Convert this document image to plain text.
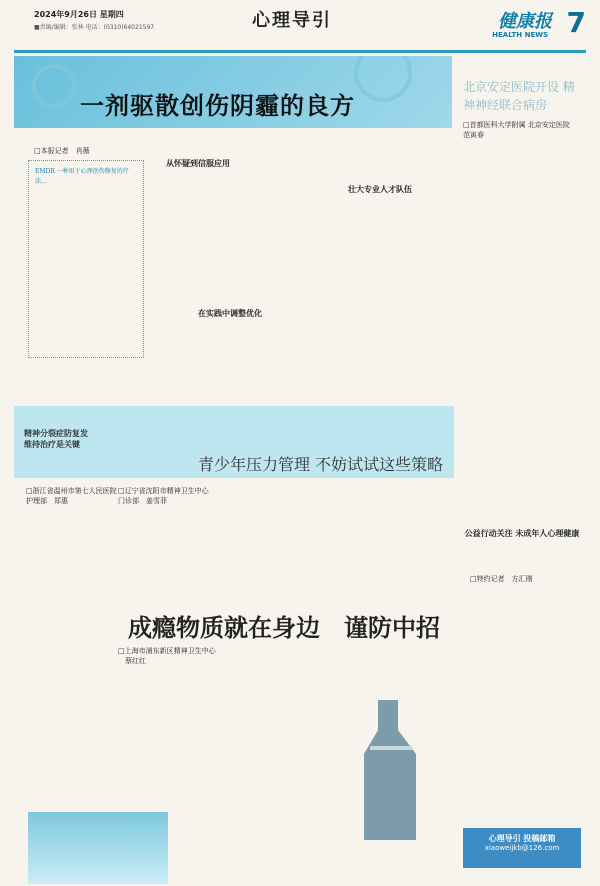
2024年9月26日 星期四
■责编/编辑：张林 电话：(0310)64021597	心理导引	健康报
HEALTH NEWS 7
一剂驱散创伤阴霾的良方
□本报记者　肖薇
从怀疑到信服应用
EMDR 一种用于心理创伤修复的疗法...
在实践中调整优化
壮大专业人才队伍
北京安定医院开设 精神神经联合病房
□首都医科大学附属 北京安定医院　范寅春
青少年压力管理 不妨试试这些策略
精神分裂症防复发
维持治疗是关键
□浙江省温州市第七人民医院
护理部　郑惠
□辽宁省沈阳市精神卫生中心
门诊部　姜雪菲
□上海市浦东新区精神卫生中心
　蔡红红
成瘾物质就在身边　谨防中招
公益行动关注 未成年人心理健康
□特约记者　方汇刚
心理导引 投稿邮箱
xiaoweijkb@126.com
